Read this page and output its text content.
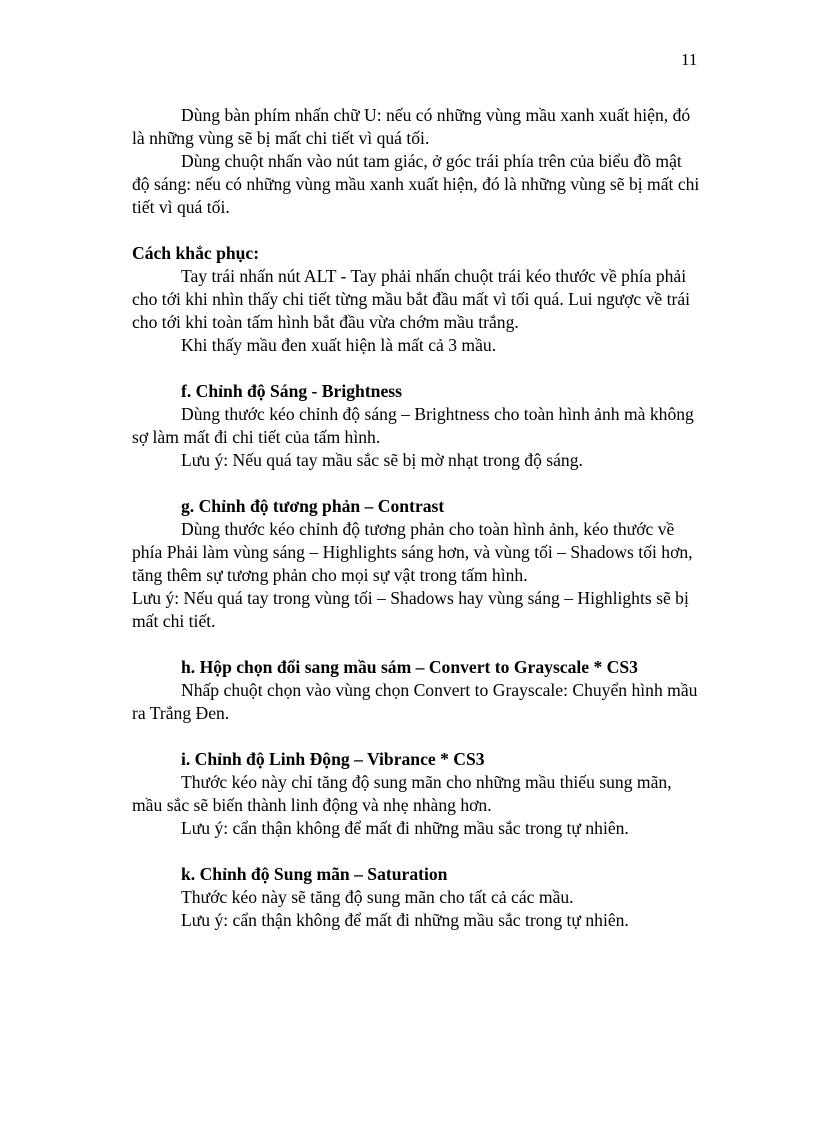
11

Dùng bàn phím nhấn chữ U: nếu có những vùng mầu xanh xuất hiện, đó là những vùng sẽ bị mất chi tiết vì quá tối.

Dùng chuột nhấn vào nút tam giác, ở góc trái phía trên của biểu đồ mật độ sáng: nếu có những vùng mầu xanh xuất hiện, đó là những vùng sẽ bị mất chi tiết vì quá tối.

Cách khắc phục:

Tay trái nhấn nút ALT - Tay phải nhấn chuột trái kéo thước về phía phải cho tới khi nhìn thấy chi tiết từng mầu bắt đầu mất vì tối quá. Lui ngược về trái cho tới khi toàn tấm hình bắt đầu vừa chớm mầu trắng.

Khi thấy mầu đen xuất hiện là mất cả 3 mầu.

f. Chỉnh độ Sáng - Brightness

Dùng thước kéo chỉnh độ sáng – Brightness cho toàn hình ảnh mà không sợ làm mất đi chi tiết của tấm hình.

Lưu ý: Nếu quá tay mầu sắc sẽ bị mờ nhạt trong độ sáng.

g. Chỉnh độ tương phản – Contrast

Dùng thước kéo chỉnh độ tương phản cho toàn hình ảnh, kéo thước về phía Phải làm vùng sáng – Highlights sáng hơn, và vùng tối – Shadows tối hơn, tăng thêm sự tương phản cho mọi sự vật trong tấm hình.

Lưu ý: Nếu quá tay trong vùng tối – Shadows hay vùng sáng – Highlights sẽ bị mất chi tiết.

h. Hộp chọn đổi sang mầu sám – Convert to Grayscale * CS3

Nhấp chuột chọn vào vùng chọn Convert to Grayscale: Chuyển hình mầu ra Trắng Đen.

i. Chỉnh độ Linh Động – Vibrance * CS3

Thước kéo này chỉ tăng độ sung mãn cho những mầu thiếu sung mãn, mầu sắc sẽ biến thành linh động và nhẹ nhàng hơn.

Lưu ý: cẩn thận không để mất đi những mầu sắc trong tự nhiên.

k. Chỉnh độ Sung mãn – Saturation

Thước kéo này sẽ tăng độ sung mãn cho tất cả các mầu.

Lưu ý: cẩn thận không để mất đi những mầu sắc trong tự nhiên.
